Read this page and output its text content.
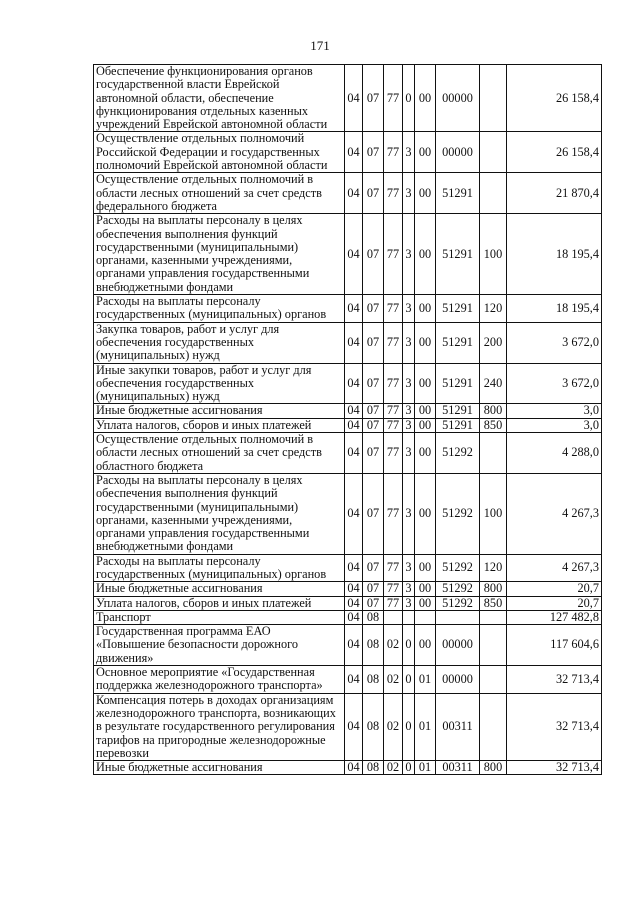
171
Обеспечение функционирования органов государственной власти Еврейской автономной области, обеспечение функционирования отдельных казенных учреждений Еврейской автономной области	04	07	77	0	00	00000		26 158,4
Осуществление отдельных полномочий Российской Федерации и государственных полномочий Еврейской автономной области	04	07	77	3	00	00000		26 158,4
Осуществление отдельных полномочий в области лесных отношений за счет средств федерального бюджета	04	07	77	3	00	51291		21 870,4
Расходы на выплаты персоналу в целях обеспечения выполнения функций государственными (муниципальными) органами, казенными учреждениями, органами управления государственными внебюджетными фондами	04	07	77	3	00	51291	100	18 195,4
Расходы на выплаты персоналу государственных (муниципальных) органов	04	07	77	3	00	51291	120	18 195,4
Закупка товаров, работ и услуг для обеспечения государственных (муниципальных) нужд	04	07	77	3	00	51291	200	3 672,0
Иные закупки товаров, работ и услуг для обеспечения государственных (муниципальных) нужд	04	07	77	3	00	51291	240	3 672,0
Иные бюджетные ассигнования	04	07	77	3	00	51291	800	3,0
Уплата налогов, сборов и иных платежей	04	07	77	3	00	51291	850	3,0
Осуществление отдельных полномочий в области лесных отношений за счет средств областного бюджета	04	07	77	3	00	51292		4 288,0
Расходы на выплаты персоналу в целях обеспечения выполнения функций государственными (муниципальными) органами, казенными учреждениями, органами управления государственными внебюджетными фондами	04	07	77	3	00	51292	100	4 267,3
Расходы на выплаты персоналу государственных (муниципальных) органов	04	07	77	3	00	51292	120	4 267,3
Иные бюджетные ассигнования	04	07	77	3	00	51292	800	20,7
Уплата налогов, сборов и иных платежей	04	07	77	3	00	51292	850	20,7
Транспорт	04	08						127 482,8
Государственная программа ЕАО «Повышение безопасности дорожного движения»	04	08	02	0	00	00000		117 604,6
Основное мероприятие «Государственная поддержка железнодорожного транспорта»	04	08	02	0	01	00000		32 713,4
Компенсация потерь в доходах организациям железнодорожного транспорта, возникающих в результате государственного регулирования тарифов на пригородные железнодорожные перевозки	04	08	02	0	01	00311		32 713,4
Иные бюджетные ассигнования	04	08	02	0	01	00311	800	32 713,4
